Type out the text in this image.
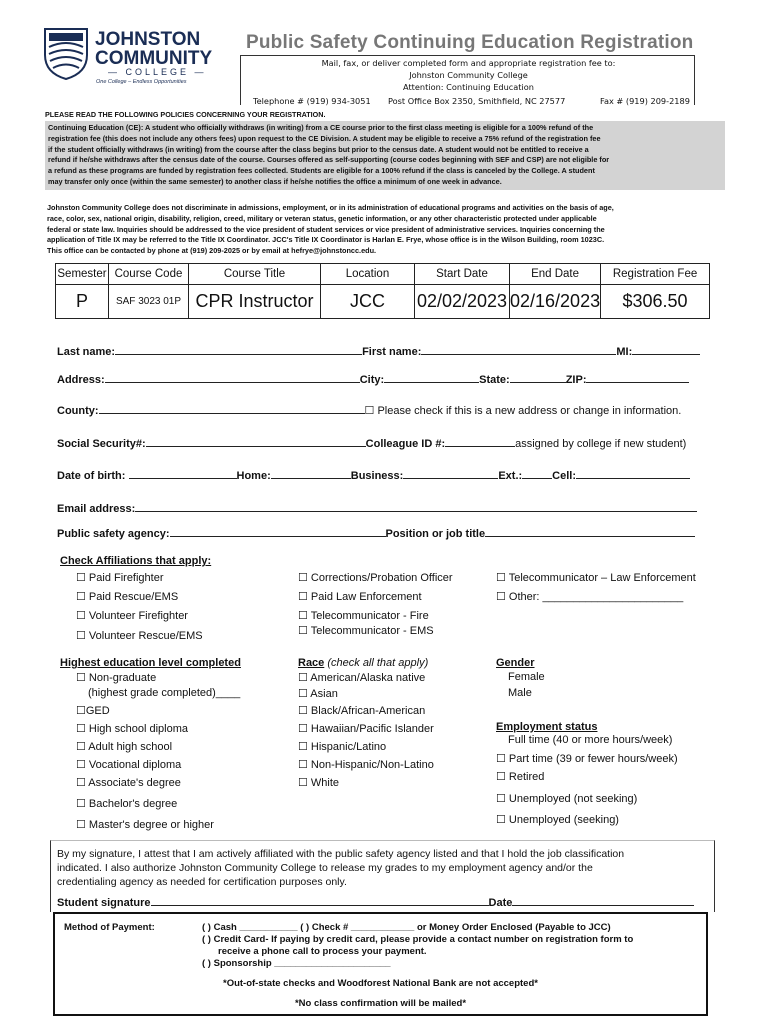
JOHNSTON
COMMUNITY
— COLLEGE —
One College – Endless Opportunities
Public Safety Continuing Education Registration
Mail, fax, or deliver completed form and appropriate registration fee to:
Johnston Community College
Attention: Continuing Education
Telephone # (919) 934-3051 Post Office Box 2350, Smithfield, NC 27577	Fax # (919) 209-2189
PLEASE READ THE FOLLOWING POLICIES CONCERNING YOUR REGISTRATION.
Continuing Education (CE): A student who officially withdraws (in writing) from a CE course prior to the first class meeting is eligible for a 100% refund of the
registration fee (this does not include any others fees) upon request to the CE Division. A student may be eligible to receive a 75% refund of the registration fee
if the student officially withdraws (in writing) from the course after the class begins but prior to the census date. A student would not be entitled to receive a
refund if he/she withdraws after the census date of the course. Courses offered as self-supporting (course codes beginning with SEF and CSP) are not eligible for
a refund as these programs are funded by registration fees collected. Students are eligible for a 100% refund if the class is canceled by the College. A student
may transfer only once (within the same semester) to another class if he/she notifies the office a minimum of one week in advance.
Johnston Community College does not discriminate in admissions, employment, or in its administration of educational programs and activities on the basis of age,
race, color, sex, national origin, disability, religion, creed, military or veteran status, genetic information, or any other characteristic protected under applicable
federal or state law. Inquiries should be addressed to the vice president of student services or vice president of administrative services. Inquiries concerning the
application of Title IX may be referred to the Title IX Coordinator. JCC's Title IX Coordinator is Harlan E. Frye, whose office is in the Wilson Building, room 1023C.
This office can be contacted by phone at (919) 209-2025 or by email at hefrye@johnstoncc.edu.
Semester	Course Code	Course Title	Location	Start Date	End Date	Registration Fee
P	SAF 3023 01P	CPR Instructor	JCC	02/02/2023	02/16/2023	$306.50
Last name:	First name:	MI:
Address:	City:	State:	ZIP:
County:	☐ Please check if this is a new address or change in information.
Social Security#:	Colleague ID #:	assigned by college if new student)
Date of birth:	Home:	Business:	Ext.:	Cell:
Email address:
Public safety agency:	Position or job title
Check Affiliations that apply:
☐ Paid Firefighter
☐ Paid Rescue/EMS
☐ Volunteer Firefighter
☐ Volunteer Rescue/EMS
☐ Corrections/Probation Officer
☐ Paid Law Enforcement
☐ Telecommunicator - Fire
☐ Telecommunicator - EMS
☐ Telecommunicator – Law Enforcement
☐ Other: _______________________
Highest education level completed
☐ Non-graduate
(highest grade completed)____
☐GED
☐ High school diploma
☐ Adult high school
☐ Vocational diploma
☐ Associate's degree
☐ Bachelor's degree
☐ Master's degree or higher
Race (check all that apply)
☐ American/Alaska native
☐ Asian
☐ Black/African-American
☐ Hawaiian/Pacific Islander
☐ Hispanic/Latino
☐ Non-Hispanic/Non-Latino
☐ White
Gender
Female
Male
Employment status
Full time (40 or more hours/week)
☐ Part time (39 or fewer hours/week)
☐ Retired
☐ Unemployed (not seeking)
☐ Unemployed (seeking)
By my signature, I attest that I am actively affiliated with the public safety agency listed and that I hold the job classification
indicated. I also authorize Johnston Community College to release my grades to my employment agency and/or the
credentialing agency as needed for certification purposes only.
Student signature	Date
Method of Payment:	( ) Cash ___________ ( ) Check # ____________ or Money Order Enclosed (Payable to JCC)
( ) Credit Card- If paying by credit card, please provide a contact number on registration form to
receive a phone call to process your payment.
( ) Sponsorship ______________________
*Out-of-state checks and Woodforest National Bank are not accepted*
*No class confirmation will be mailed*
